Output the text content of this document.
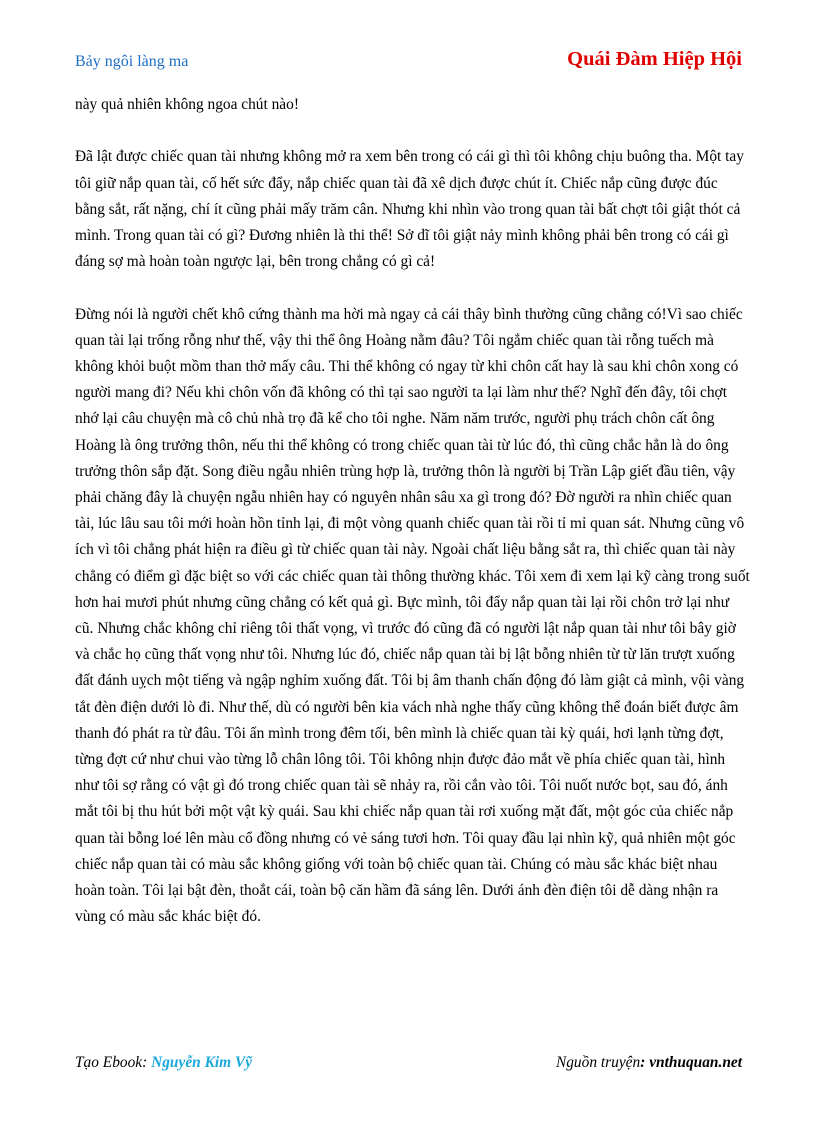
Bảy ngôi làng ma	Quái Đàm Hiệp Hội

này quả nhiên không ngoa chút nào!

Đã lật được chiếc quan tài nhưng không mở ra xem bên trong có cái gì thì tôi không chịu buông tha. Một tay tôi giữ nắp quan tài, cố hết sức đẩy, nắp chiếc quan tài đã xê dịch được chút ít. Chiếc nắp cũng được đúc bằng sắt, rất nặng, chí ít cũng phải mấy trăm cân. Nhưng khi nhìn vào trong quan tài bất chợt tôi giật thót cả mình. Trong quan tài có gì? Đương nhiên là thi thể! Sở dĩ tôi giật nảy mình không phải bên trong có cái gì đáng sợ mà hoàn toàn ngược lại, bên trong chẳng có gì cả!

Đừng nói là người chết khô cứng thành ma hời mà ngay cả cái thây bình thường cũng chẳng có!Vì sao chiếc quan tài lại trống rỗng như thế, vậy thi thể ông Hoàng nằm đâu? Tôi ngắm chiếc quan tài rỗng tuếch mà không khỏi buột mồm than thở mấy câu. Thi thể không có ngay từ khi chôn cất hay là sau khi chôn xong có người mang đi? Nếu khi chôn vốn đã không có thì tại sao người ta lại làm như thế? Nghĩ đến đây, tôi chợt nhớ lại câu chuyện mà cô chủ nhà trọ đã kể cho tôi nghe. Năm năm trước, người phụ trách chôn cất ông Hoàng là ông trưởng thôn, nếu thi thể không có trong chiếc quan tài từ lúc đó, thì cũng chắc hẳn là do ông trưởng thôn sắp đặt. Song điều ngẫu nhiên trùng hợp là, trưởng thôn là người bị Trần Lập giết đầu tiên, vậy phải chăng đây là chuyện ngẫu nhiên hay có nguyên nhân sâu xa gì trong đó? Đờ người ra nhìn chiếc quan tài, lúc lâu sau tôi mới hoàn hồn tỉnh lại, đi một vòng quanh chiếc quan tài rồi tỉ mỉ quan sát. Nhưng cũng vô ích vì tôi chẳng phát hiện ra điều gì từ chiếc quan tài này. Ngoài chất liệu bằng sắt ra, thì chiếc quan tài này chẳng có điểm gì đặc biệt so với các chiếc quan tài thông thường khác. Tôi xem đi xem lại kỹ càng trong suốt hơn hai mươi phút nhưng cũng chẳng có kết quả gì. Bực mình, tôi đẩy nắp quan tài lại rồi chôn trở lại như cũ. Nhưng chắc không chỉ riêng tôi thất vọng, vì trước đó cũng đã có người lật nắp quan tài như tôi bây giờ và chắc họ cũng thất vọng như tôi. Nhưng lúc đó, chiếc nắp quan tài bị lật bỗng nhiên từ từ lăn trượt xuống đất đánh uỵch một tiếng và ngập nghỉm xuống đất. Tôi bị âm thanh chấn động đó làm giật cả mình, vội vàng tắt đèn điện dưới lò đi. Như thế, dù có người bên kia vách nhà nghe thấy cũng không thể đoán biết được âm thanh đó phát ra từ đâu. Tôi ẩn mình trong đêm tối, bên mình là chiếc quan tài kỳ quái, hơi lạnh từng đợt, từng đợt cứ như chui vào từng lỗ chân lông tôi. Tôi không nhịn được đảo mắt về phía chiếc quan tài, hình như tôi sợ rằng có vật gì đó trong chiếc quan tài sẽ nhảy ra, rồi cắn vào tôi. Tôi nuốt nước bọt, sau đó, ánh mắt tôi bị thu hút bởi một vật kỳ quái. Sau khi chiếc nắp quan tài rơi xuống mặt đất, một góc của chiếc nắp quan tài bỗng loé lên màu cổ đồng nhưng có vẻ sáng tươi hơn. Tôi quay đầu lại nhìn kỹ, quả nhiên một góc chiếc nắp quan tài có màu sắc không giống với toàn bộ chiếc quan tài. Chúng có màu sắc khác biệt nhau hoàn toàn. Tôi lại bật đèn, thoắt cái, toàn bộ căn hầm đã sáng lên. Dưới ánh đèn điện tôi dễ dàng nhận ra vùng có màu sắc khác biệt đó.

Tạo Ebook: Nguyễn Kim Vỹ	Nguồn truyện: vnthuquan.net
